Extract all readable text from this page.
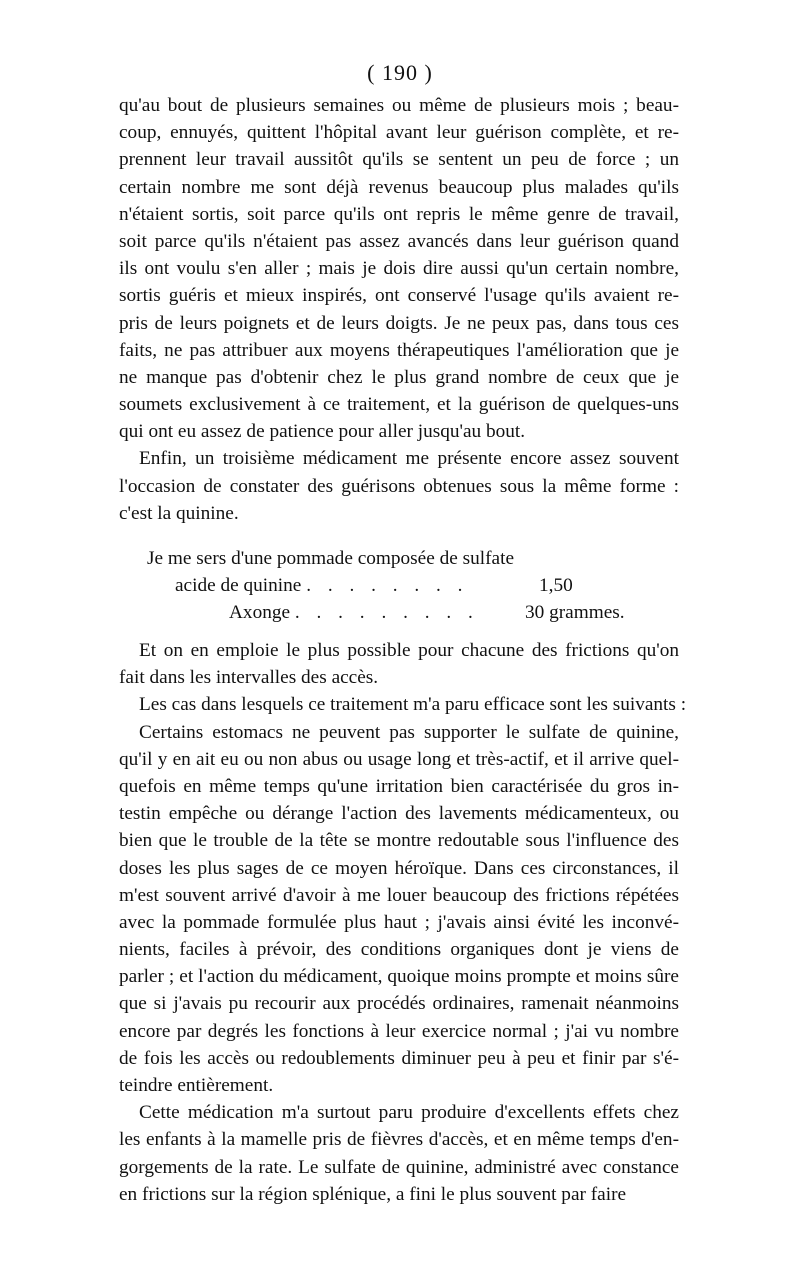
( 190 )
qu'au bout de plusieurs semaines ou même de plusieurs mois ; beau-
coup, ennuyés, quittent l'hôpital avant leur guérison complète, et re-
prennent leur travail aussitôt qu'ils se sentent un peu de force ; un
certain nombre me sont déjà revenus beaucoup plus malades qu'ils
n'étaient sortis, soit parce qu'ils ont repris le même genre de travail,
soit parce qu'ils n'étaient pas assez avancés dans leur guérison quand
ils ont voulu s'en aller ; mais je dois dire aussi qu'un certain nombre,
sortis guéris et mieux inspirés, ont conservé l'usage qu'ils avaient re-
pris de leurs poignets et de leurs doigts. Je ne peux pas, dans tous ces
faits, ne pas attribuer aux moyens thérapeutiques l'amélioration que je
ne manque pas d'obtenir chez le plus grand nombre de ceux que je
soumets exclusivement à ce traitement, et la guérison de quelques-uns
qui ont eu assez de patience pour aller jusqu'au bout.
Enfin, un troisième médicament me présente encore assez souvent
l'occasion de constater des guérisons obtenues sous la même forme :
c'est la quinine.
Je me sers d'une pommade composée de sulfate
acide de quinine . . . . . . . .	1,50
Axonge . . . . . . . . . 30 grammes.
Et on en emploie le plus possible pour chacune des frictions qu'on
fait dans les intervalles des accès.
Les cas dans lesquels ce traitement m'a paru efficace sont les suivants :
Certains estomacs ne peuvent pas supporter le sulfate de quinine,
qu'il y en ait eu ou non abus ou usage long et très-actif, et il arrive quel-
quefois en même temps qu'une irritation bien caractérisée du gros in-
testin empêche ou dérange l'action des lavements médicamenteux, ou
bien que le trouble de la tête se montre redoutable sous l'influence des
doses les plus sages de ce moyen héroïque. Dans ces circonstances, il
m'est souvent arrivé d'avoir à me louer beaucoup des frictions répétées
avec la pommade formulée plus haut ; j'avais ainsi évité les inconvé-
nients, faciles à prévoir, des conditions organiques dont je viens de
parler ; et l'action du médicament, quoique moins prompte et moins sûre
que si j'avais pu recourir aux procédés ordinaires, ramenait néanmoins
encore par degrés les fonctions à leur exercice normal ; j'ai vu nombre
de fois les accès ou redoublements diminuer peu à peu et finir par s'é-
teindre entièrement.
Cette médication m'a surtout paru produire d'excellents effets chez
les enfants à la mamelle pris de fièvres d'accès, et en même temps d'en-
gorgements de la rate. Le sulfate de quinine, administré avec constance
en frictions sur la région splénique, a fini le plus souvent par faire
